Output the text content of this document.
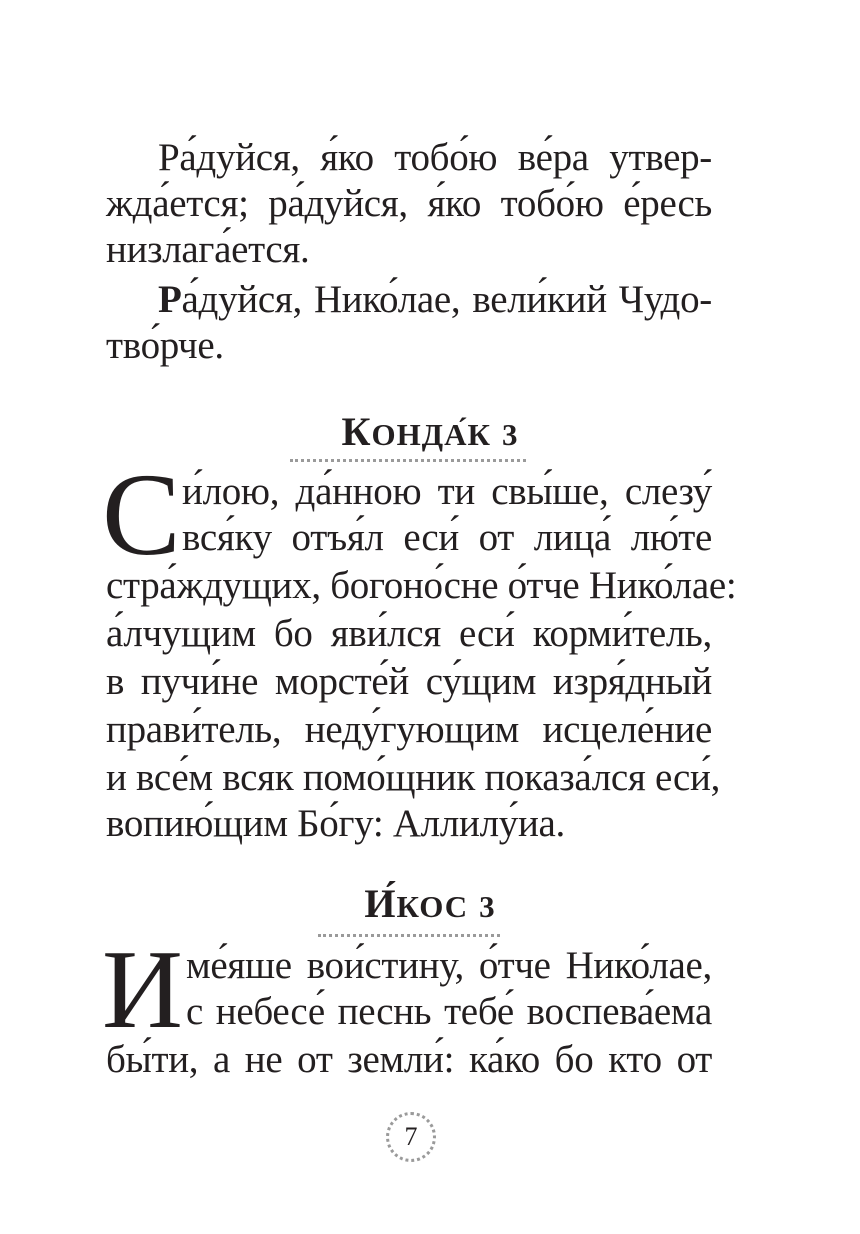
Ра́дуйся, я́ко тобо́ю ве́ра утвер-
жда́ется; ра́дуйся, я́ко тобо́ю е́ресь
низлага́ется.
Ра́дуйся, Нико́лае, вели́кий Чудо-
тво́рче.
КОНДА́К 3
С и́лою, да́нною ти свы́ше, слезу́
вся́ку отъя́л еси́ от лица́ лю́те
стра́ждущих, богоно́сне о́тче Нико́лае:
а́лчущим бо яви́лся еси́ корми́тель,
в пучи́не морсте́й су́щим изря́дный
прави́тель, неду́гующим исцеле́ние
и все́м всяк помо́щник показа́лся еси́,
вопию́щим Бо́гу: Аллилу́иа.
И́КОС 3
И ме́яше вои́стину, о́тче Нико́лае,
с небесе́ песнь тебе́ воспева́ема
бы́ти, а не от земли́: ка́ко бо кто от
7
